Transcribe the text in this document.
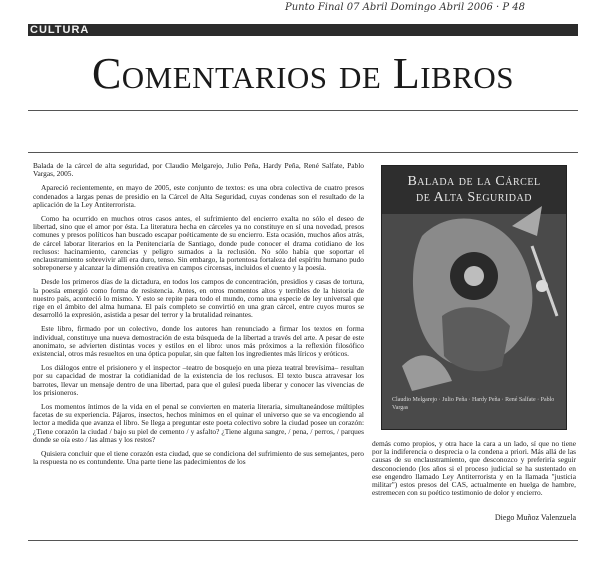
Punto Final 07 Abril Domingo Abril 2006 · P 48
CULTURA
Comentarios de Libros

Balada de la cárcel de alta seguridad, por Claudio Melgarejo, Julio Peña, Hardy Peña, René Salfate, Pablo Vargas, 2005.

Apareció recientemente, en mayo de 2005, este conjunto de textos: es una obra colectiva de cuatro presos condenados a largas penas de presidio en la Cárcel de Alta Seguridad, cuyas condenas son el resultado de la aplicación de la Ley Antiterrorista.

Como ha ocurrido en muchos otros casos antes, el sufrimiento del encierro exalta no sólo el deseo de libertad, sino que el amor por ésta. La literatura hecha en cárceles ya no constituye en sí una novedad, presos comunes y presos políticos han buscado escapar poéticamente de su encierro. Esta ocasión, muchos años atrás, de cárcel laborar literarios en la Penitenciaría de Santiago, donde pude conocer el drama cotidiano de los reclusos: hacinamiento, carencias y peligro sumados a la reclusión. No sólo había que soportar el enclaustramiento sobrevivir allí era duro, tenso. Sin embargo, la portentosa fortaleza del espíritu humano pudo sobreponerse y alcanzar la dimensión creativa en campos circensas, incluidos el cuento y la poesía.

Desde los primeros días de la dictadura, en todos los campos de concentración, presidios y casas de tortura, la poesía emergió como forma de resistencia. Antes, en otros momentos altos y terribles de la historia de nuestro país, aconteció lo mismo. Y esto se repite para todo el mundo, como una especie de ley universal que rige en el ámbito del alma humana. El país completo se convirtió en una gran cárcel, entre cuyos muros se desarrolló la expresión, asistida a pesar del terror y la brutalidad reinantes.

Este libro, firmado por un colectivo, donde los autores han renunciado a firmar los textos en forma individual, constituye una nueva demostración de esta búsqueda de la libertad a través del arte. A pesar de este anonimato, se advierten distintas voces y estilos en el libro: unos más próximos a la reflexión filosófico existencial, otros más resueltos en una óptica popular, sin que falten los ingredientes más líricos y eróticos.

Los diálogos entre el prisionero y el inspector –teatro de bosquejo en una pieza teatral brevísima– resultan por su capacidad de mostrar la cotidianidad de la existencia de los reclusos. El texto busca atravesar los barrotes, llevar un mensaje dentro de una libertad, para que el gulesí pueda liberar y conocer las vivencias de los prisioneros.

Los momentos íntimos de la vida en el penal se convierten en materia literaria, simultaneándose múltiples facetas de su experiencia. Pájaros, insectos, hechos mínimos en el quinar el universo que se va encogiendo al lector a medida que avanza el libro. Se llega a preguntar este poeta colectivo sobre la ciudad posee un corazón: ¿Tiene corazón la ciudad / bajo su piel de cemento / y asfalto? ¿Tiene alguna sangre, / pena, / perros, / parques donde se oía esto / las almas y los restos?

Quisiera concluir que el tiene corazón esta ciudad, que se condiciona del sufrimiento de sus semejantes, pero la respuesta no es contundente. Una parte tiene las padecimientos de los

Balada de la Cárcel
de Alta Seguridad
Claudio Melgarejo · Julio Peña · Hardy Peña · René Salfate · Pablo Vargas

demás como propios, y otra hace la cara a un lado, sí que no tiene por la indiferencia o desprecia o la condena a priori. Más allá de las causas de su enclaustramiento, que desconozco y preferiría seguir desconociendo (los años si el proceso judicial se ha sustentado en ese engendro llamado Ley Antiterrorista y en la llamada "justicia militar") estos presos del CAS, actualmente en huelga de hambre, estremecen con su poético testimonio de dolor y encierro.

Diego Muñoz Valenzuela
